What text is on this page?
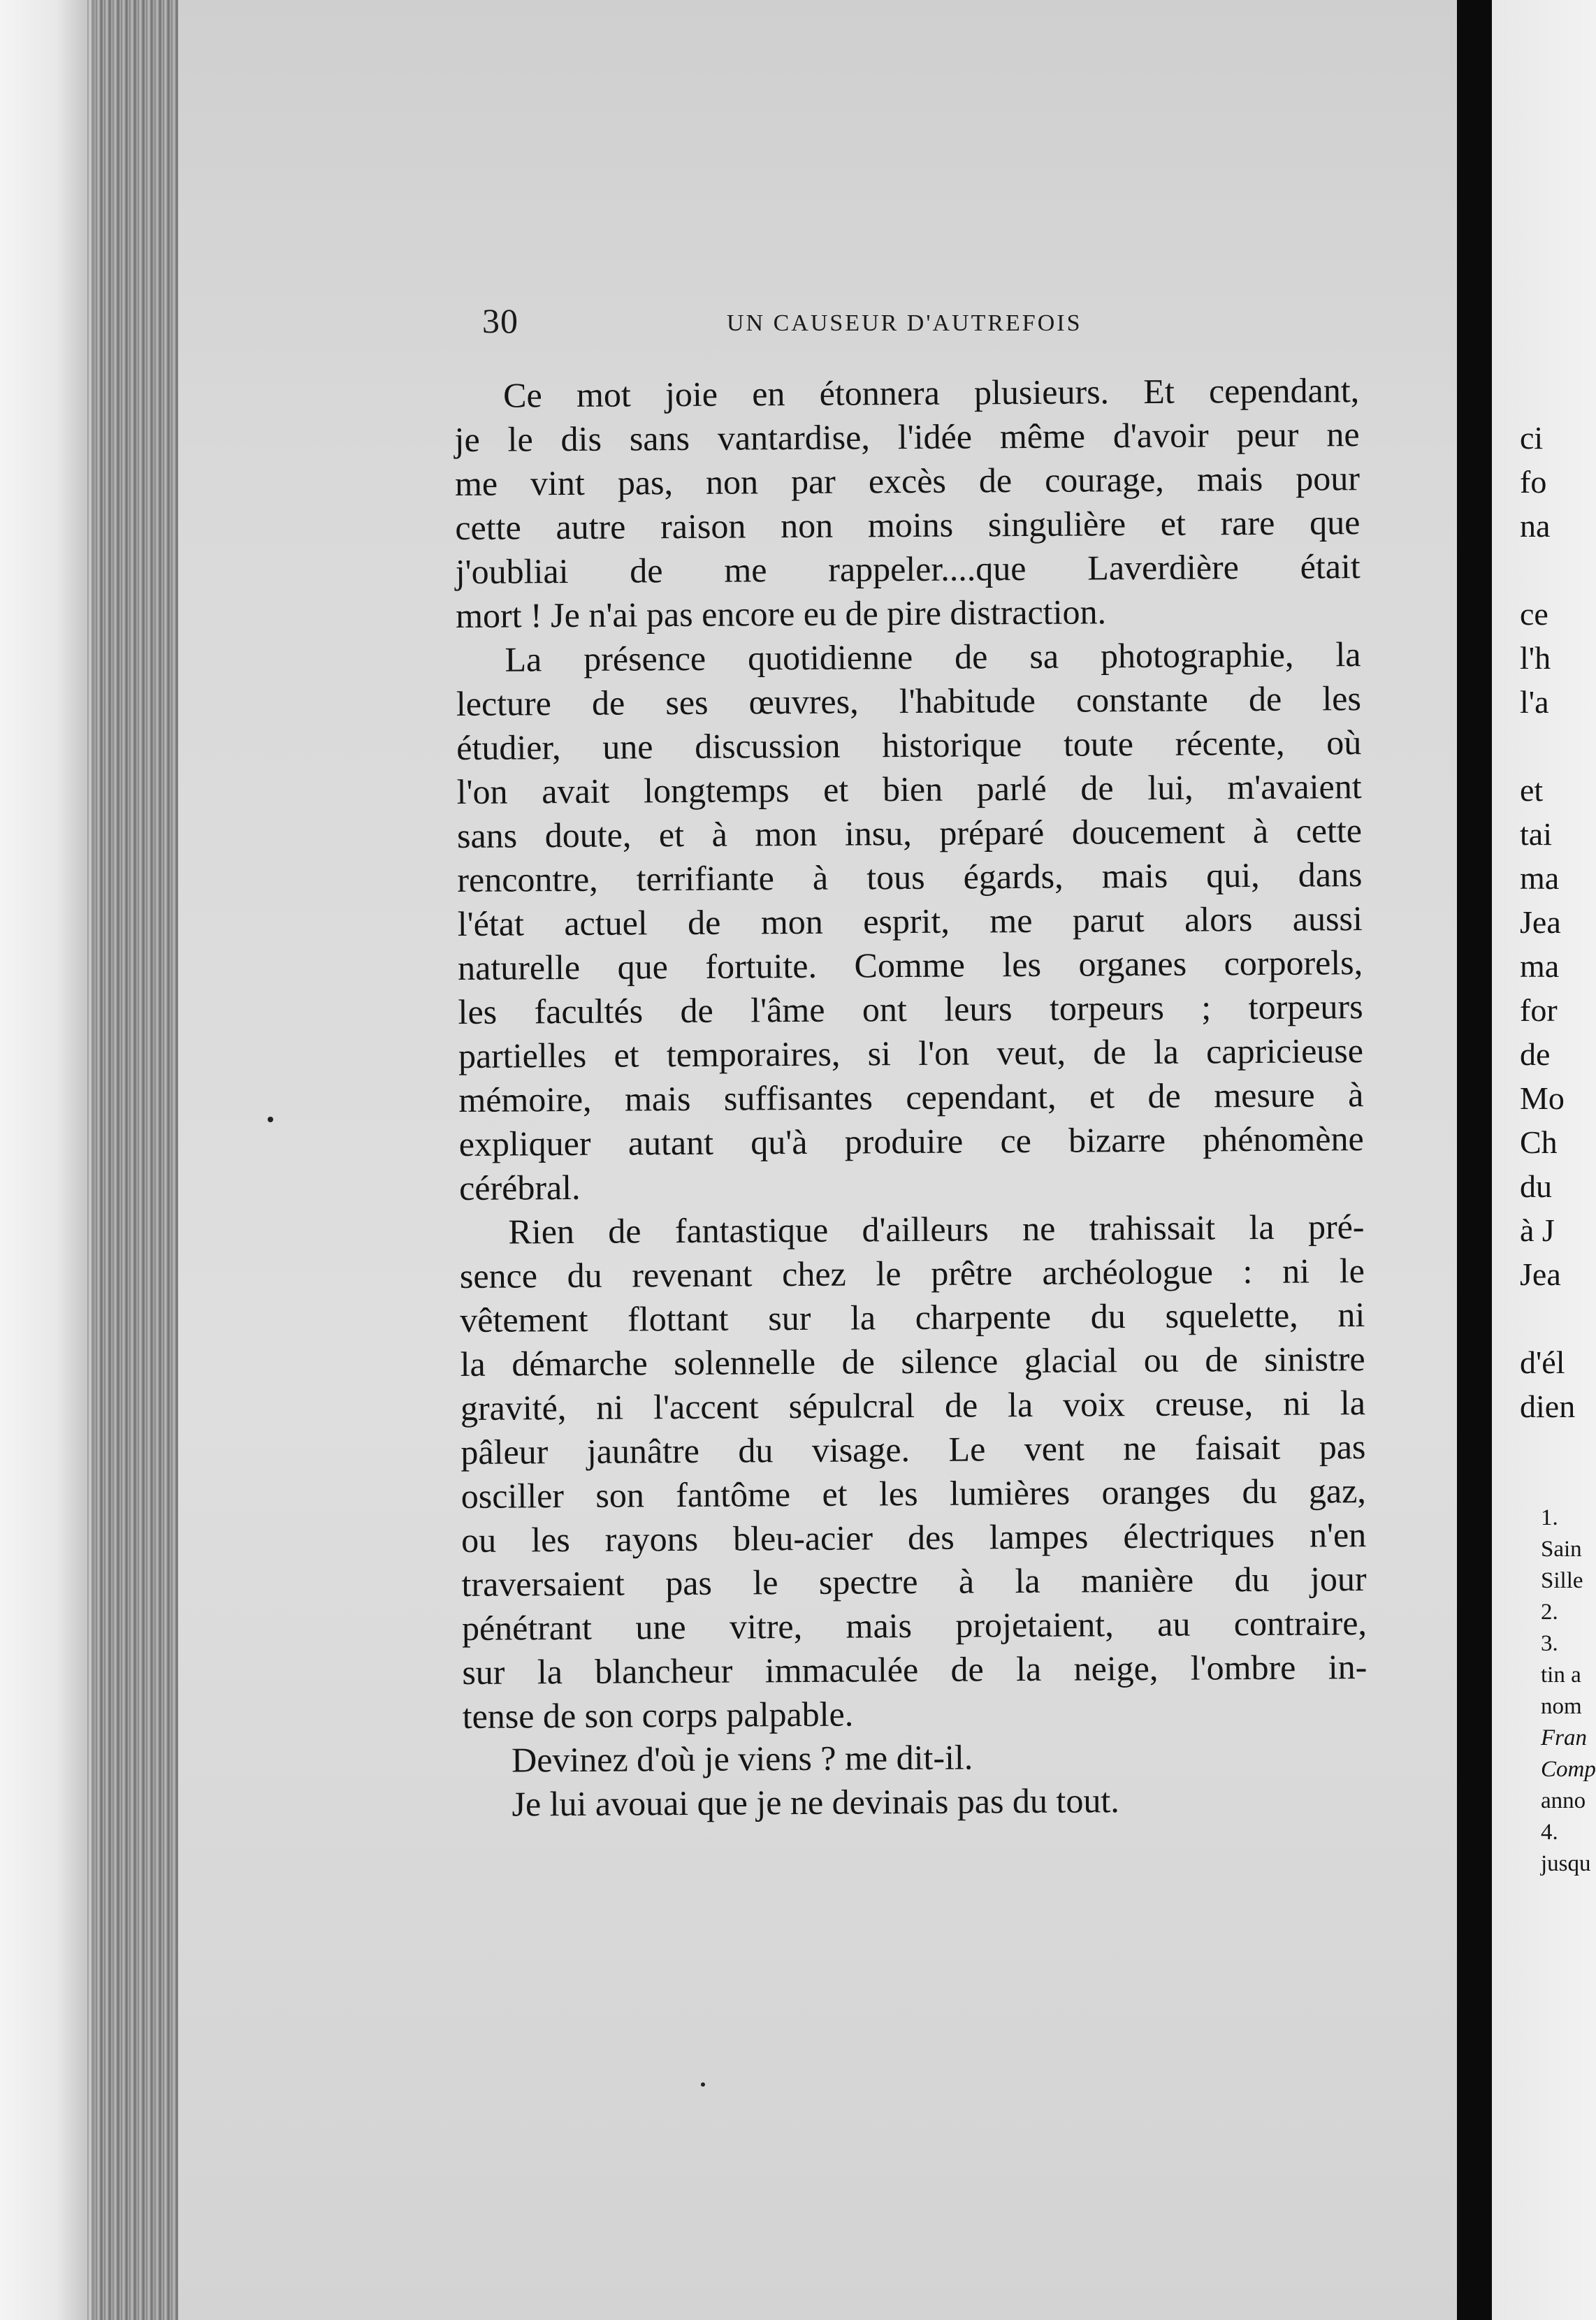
30	UN CAUSEUR D'AUTREFOIS

Ce mot joie en étonnera plusieurs. Et cependant,
je le dis sans vantardise, l'idée même d'avoir peur ne
me vint pas, non par excès de courage, mais pour
cette autre raison non moins singulière et rare que
j'oubliai de me rappeler....que Laverdière était
mort ! Je n'ai pas encore eu de pire distraction.

La présence quotidienne de sa photographie, la
lecture de ses œuvres, l'habitude constante de les
étudier, une discussion historique toute récente, où
l'on avait longtemps et bien parlé de lui, m'avaient
sans doute, et à mon insu, préparé doucement à cette
rencontre, terrifiante à tous égards, mais qui, dans
l'état actuel de mon esprit, me parut alors aussi
naturelle que fortuite. Comme les organes corporels,
les facultés de l'âme ont leurs torpeurs ; torpeurs
partielles et temporaires, si l'on veut, de la capricieuse
mémoire, mais suffisantes cependant, et de mesure à
expliquer autant qu'à produire ce bizarre phénomène
cérébral.

Rien de fantastique d'ailleurs ne trahissait la pré-
sence du revenant chez le prêtre archéologue : ni le
vêtement flottant sur la charpente du squelette, ni
la démarche solennelle de silence glacial ou de sinistre
gravité, ni l'accent sépulcral de la voix creuse, ni la
pâleur jaunâtre du visage. Le vent ne faisait pas
osciller son fantôme et les lumières oranges du gaz,
ou les rayons bleu-acier des lampes électriques n'en
traversaient pas le spectre à la manière du jour
pénétrant une vitre, mais projetaient, au contraire,
sur la blancheur immaculée de la neige, l'ombre in-
tense de son corps palpable.

Devinez d'où je viens ? me dit-il.

Je lui avouai que je ne devinais pas du tout.

ci
fo
na

ce
l'h
l'a

et
tai
ma
Jea
ma
for
de
Mo
Ch
du
à J
Jea

d'él
dien
1.
Sain
Sille
2.
3.
tin a
nom
Fran
Comp
anno
4.
jusqu
